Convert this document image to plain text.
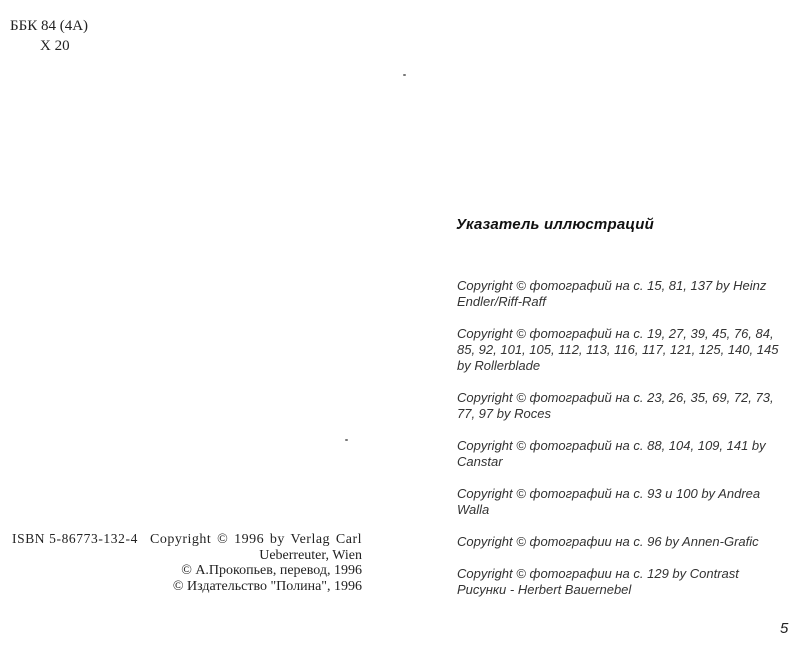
ББК 84 (4А)
Х 20
ISBN 5-86773-132-4 Copyright © 1996 by Verlag Carl
Ueberreuter, Wien
© А.Прокопьев, перевод, 1996
© Издательство "Полина", 1996
Указатель иллюстраций
Copyright © фотографий на с. 15, 81, 137 by Heinz Endler/Riff-Raff
Copyright © фотографий на с. 19, 27, 39, 45, 76, 84, 85, 92, 101, 105, 112, 113, 116, 117, 121, 125, 140, 145 by Rollerblade
Copyright © фотографий на с. 23, 26, 35, 69, 72, 73, 77, 97 by Roces
Copyright © фотографий на с. 88, 104, 109, 141 by Canstar
Copyright © фотографий на с. 93 и 100 by Andrea Walla
Copyright © фотографии на с. 96 by Annen-Grafic
Copyright © фотографии на с. 129 by Contrast
Рисунки - Herbert Bauernebel
5
